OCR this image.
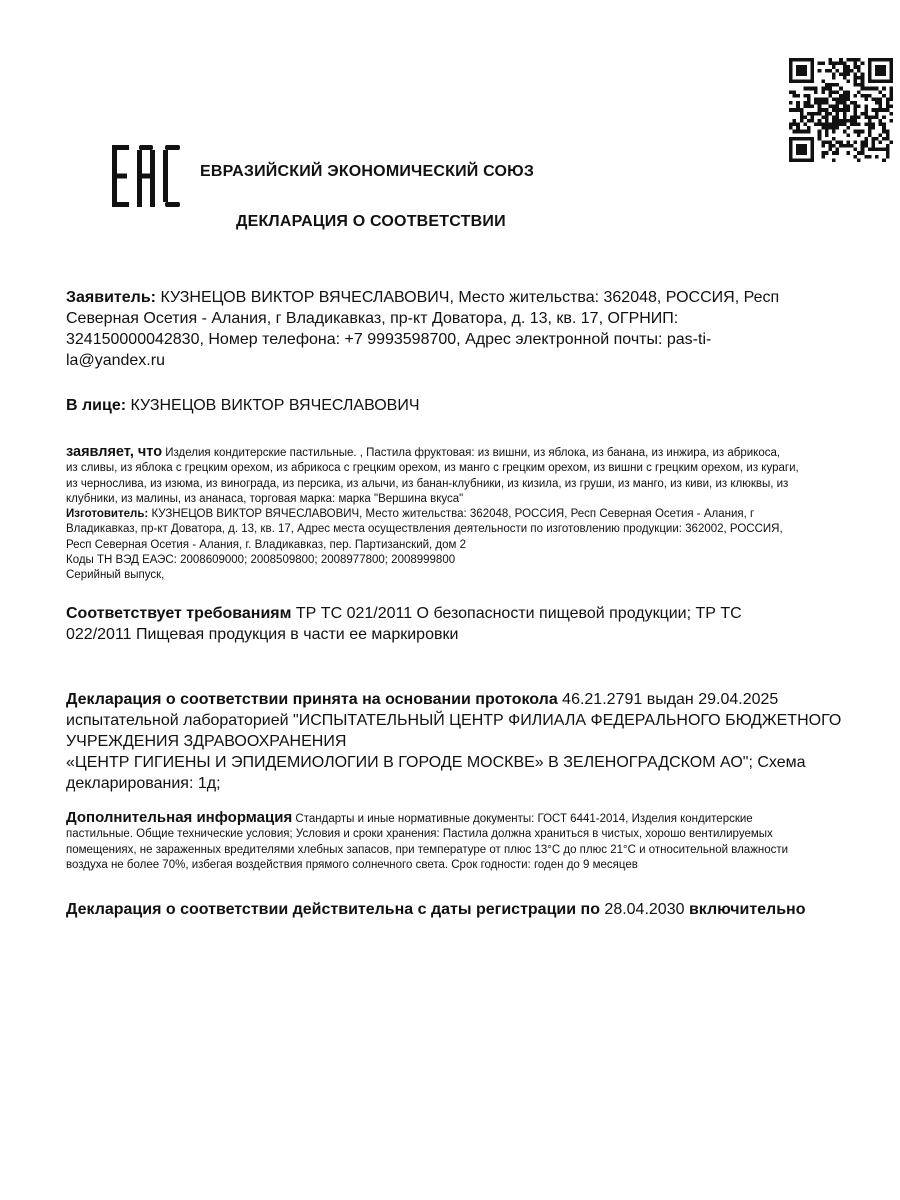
ЕВРАЗИЙСКИЙ ЭКОНОМИЧЕСКИЙ СОЮЗ
ДЕКЛАРАЦИЯ О СООТВЕТСТВИИ
Заявитель: КУЗНЕЦОВ ВИКТОР ВЯЧЕСЛАВОВИЧ, Место жительства: 362048, РОССИЯ, Респ
Северная Осетия - Алания, г Владикавказ, пр-кт Доватора, д. 13, кв. 17, ОГРНИП:
324150000042830, Номер телефона: +7 9993598700, Адрес электронной почты: pas-ti-
la@yandex.ru
В лице: КУЗНЕЦОВ ВИКТОР ВЯЧЕСЛАВОВИЧ
заявляет, что Изделия кондитерские пастильные. , Пастила фруктовая: из вишни, из яблока, из банана, из инжира, из абрикоса,
из сливы, из яблока с грецким орехом, из абрикоса с грецким орехом, из манго с грецким орехом, из вишни с грецким орехом, из кураги,
из чернослива, из изюма, из винограда, из персика, из алычи, из банан-клубники, из кизила, из груши, из манго, из киви, из клюквы, из
клубники, из малины, из ананаса, торговая марка: марка "Вершина вкуса"
Изготовитель: КУЗНЕЦОВ ВИКТОР ВЯЧЕСЛАВОВИЧ, Место жительства: 362048, РОССИЯ, Респ Северная Осетия - Алания, г
Владикавказ, пр-кт Доватора, д. 13, кв. 17, Адрес места осуществления деятельности по изготовлению продукции: 362002, РОССИЯ,
Респ Северная Осетия - Алания, г. Владикавказ, пер. Партизанский, дом 2
Коды ТН ВЭД ЕАЭС: 2008609000; 2008509800; 2008977800; 2008999800
Серийный выпуск,
Соответствует требованиям ТР ТС 021/2011 О безопасности пищевой продукции; ТР ТС
022/2011 Пищевая продукция в части ее маркировки
Декларация о соответствии принята на основании протокола 46.21.2791 выдан 29.04.2025
испытательной лабораторией "ИСПЫТАТЕЛЬНЫЙ ЦЕНТР ФИЛИАЛА ФЕДЕРАЛЬНОГО БЮДЖЕТНОГО
УЧРЕЖДЕНИЯ ЗДРАВООХРАНЕНИЯ
«ЦЕНТР ГИГИЕНЫ И ЭПИДЕМИОЛОГИИ В ГОРОДЕ МОСКВЕ» В ЗЕЛЕНОГРАДСКОМ АО"; Схема
декларирования: 1д;
Дополнительная информация Стандарты и иные нормативные документы: ГОСТ 6441-2014, Изделия кондитерские
пастильные. Общие технические условия; Условия и сроки хранения: Пастила должна храниться в чистых, хорошо вентилируемых
помещениях, не зараженных вредителями хлебных запасов, при температуре от плюс 13°C до плюс 21°C и относительной влажности
воздуха не более 70%, избегая воздействия прямого солнечного света. Срок годности: годен до 9 месяцев
Декларация о соответствии действительна с даты регистрации по 28.04.2030 включительно
